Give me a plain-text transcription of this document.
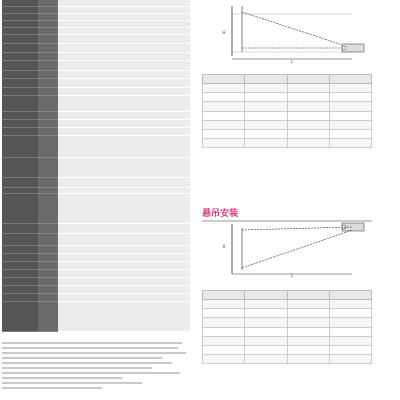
L
H

悬吊安装
L
H
